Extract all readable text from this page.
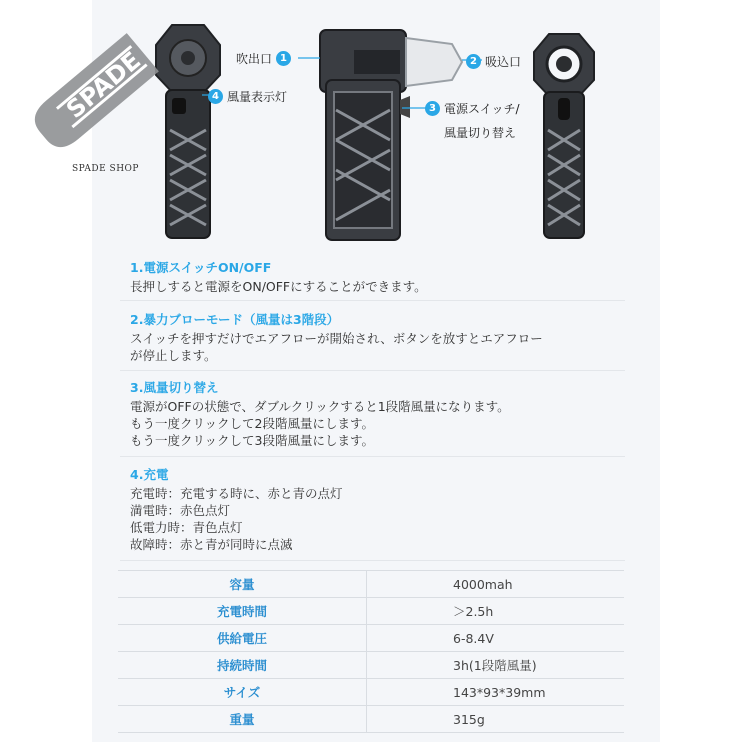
吹出口 1	2 吸込口
3 電源スイッチ/
風量切り替え
4 風量表示灯
1.電源スイッチON/OFF
長押しすると電源をON/OFFにすることができます。
2.暴力ブローモード（風量は3階段）
スイッチを押すだけでエアフローが開始され、ボタンを放すとエアフロー
が停止します。
3.風量切り替え
電源がOFFの状態で、ダブルクリックすると1段階風量になります。
もう一度クリックして2段階風量にします。
もう一度クリックして3段階風量にします。
4.充電
充電時：充電する時に、赤と青の点灯
満電時：赤色点灯
低電力時：青色点灯
故障時：赤と青が同時に点滅
容量	4000mah
充電時間	＞2.5h
供給電圧	6-8.4V
持続時間	3h(1段階風量)
サイズ	143*93*39mm
重量	315g
SPADE
SPADE SHOP
